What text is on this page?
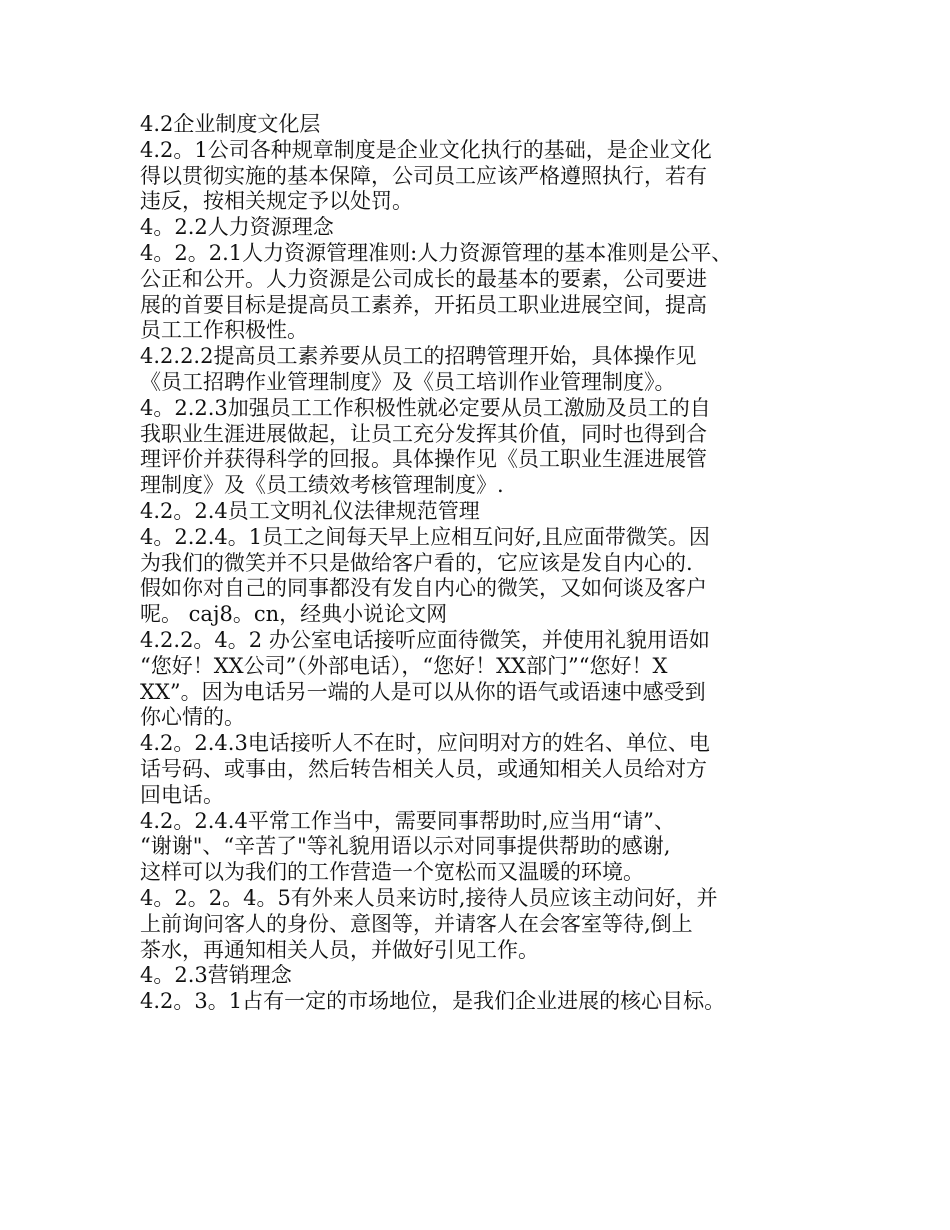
4.2企业制度文化层
4.2。1公司各种规章制度是企业文化执行的基础，是企业文化
得以贯彻实施的基本保障，公司员工应该严格遵照执行，若有
违反，按相关规定予以处罚。
4。2.2人力资源理念
4。2。2.1人力资源管理准则:人力资源管理的基本准则是公平、
公正和公开。人力资源是公司成长的最基本的要素，公司要进
展的首要目标是提高员工素养，开拓员工职业进展空间，提高
员工工作积极性。
4.2.2.2提高员工素养要从员工的招聘管理开始，具体操作见
《员工招聘作业管理制度》及《员工培训作业管理制度》。
4。2.2.3加强员工工作积极性就必定要从员工激励及员工的自
我职业生涯进展做起，让员工充分发挥其价值，同时也得到合
理评价并获得科学的回报。具体操作见《员工职业生涯进展管
理制度》及《员工绩效考核管理制度》.
4.2。2.4员工文明礼仪法律规范管理
4。2.2.4。1员工之间每天早上应相互问好,且应面带微笑。因
为我们的微笑并不只是做给客户看的，它应该是发自内心的.
假如你对自己的同事都没有发自内心的微笑，又如何谈及客户
呢。 caj8。cn，经典小说论文网
4.2.2。4。2 办公室电话接听应面待微笑，并使用礼貌用语如
“您好！XX公司”（外部电话），“您好！XX部门”“您好！X
XX”。因为电话另一端的人是可以从你的语气或语速中感受到
你心情的。
4.2。2.4.3电话接听人不在时，应问明对方的姓名、单位、电
话号码、或事由，然后转告相关人员，或通知相关人员给对方
回电话。
4.2。2.4.4平常工作当中，需要同事帮助时,应当用“请”、
“谢谢"、“辛苦了"等礼貌用语以示对同事提供帮助的感谢,
这样可以为我们的工作营造一个宽松而又温暖的环境。
4。2。2。4。5有外来人员来访时,接待人员应该主动问好，并
上前询问客人的身份、意图等，并请客人在会客室等待,倒上
茶水，再通知相关人员，并做好引见工作。
4。2.3营销理念
4.2。3。1占有一定的市场地位，是我们企业进展的核心目标。
